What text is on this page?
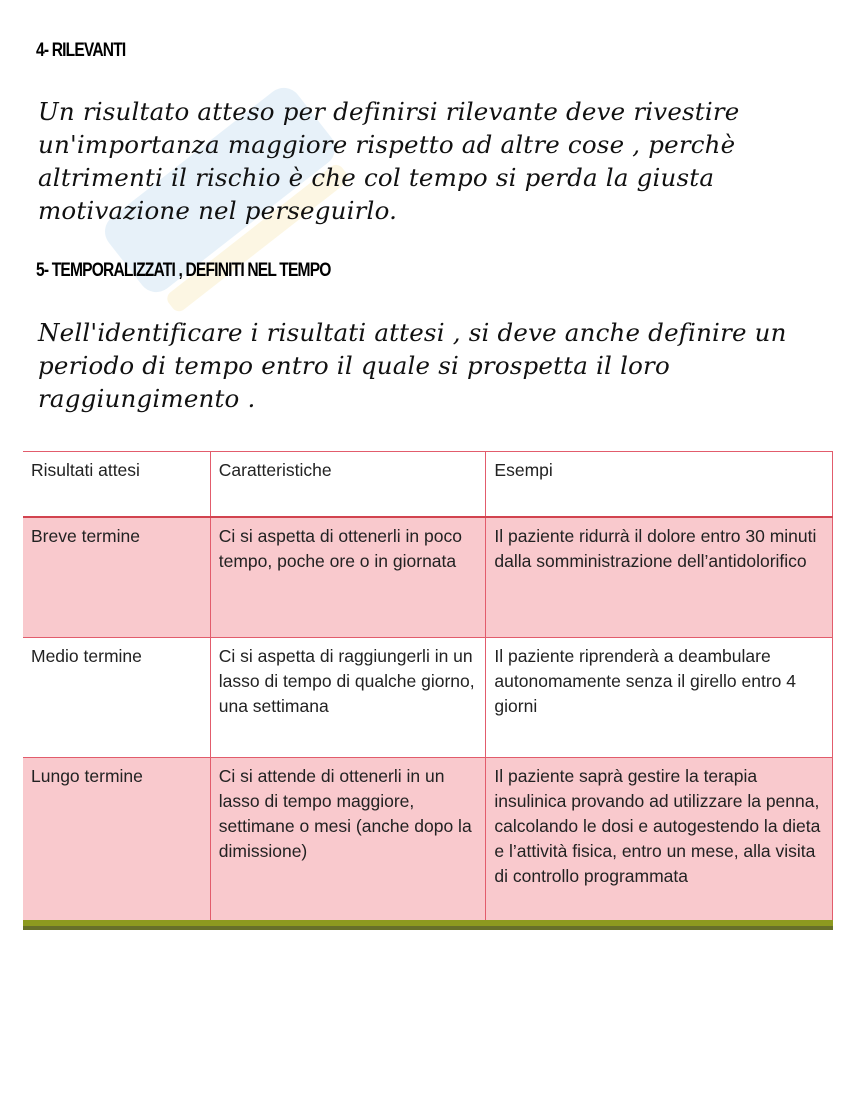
4- RILEVANTI

Un risultato atteso per definirsi rilevante deve rivestire un'importanza maggiore rispetto ad altre cose , perchè altrimenti il rischio è che col tempo si perda la giusta motivazione nel perseguirlo.

5- TEMPORALIZZATI , DEFINITI NEL TEMPO

Nell'identificare i risultati attesi , si deve anche definire un periodo di tempo entro il quale si prospetta il loro raggiungimento .

Risultati attesi	Caratteristiche	Esempi
Breve termine	Ci si aspetta di ottenerli in poco tempo, poche ore o in giornata	Il paziente ridurrà il dolore entro 30 minuti dalla somministrazione dell’antidolorifico
Medio termine	Ci si aspetta di raggiungerli in un lasso di tempo di qualche giorno, una settimana	Il paziente riprenderà a deambulare autonomamente senza il girello entro 4 giorni
Lungo termine	Ci si attende di ottenerli in un lasso di tempo maggiore, settimane o mesi (anche dopo la dimissione)	Il paziente saprà gestire la terapia insulinica provando ad utilizzare la penna, calcolando le dosi e autogestendo la dieta e l’attività fisica, entro un mese, alla visita di controllo programmata
